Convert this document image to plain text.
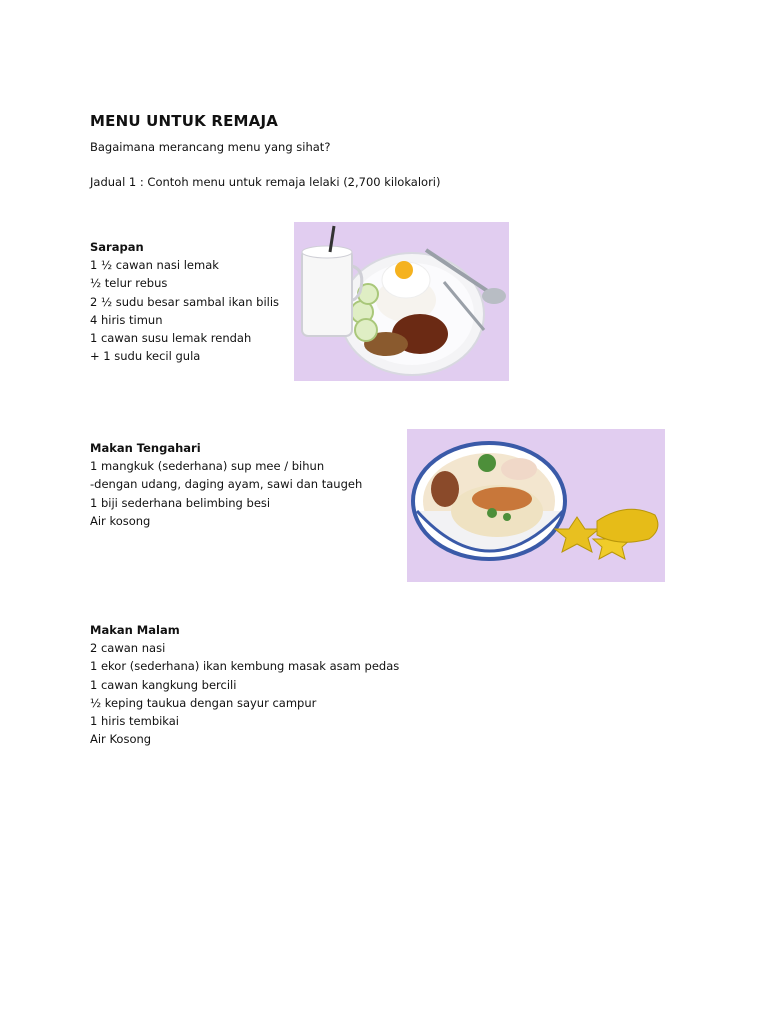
MENU UNTUK REMAJA
Bagaimana merancang menu yang sihat?
Jadual 1 : Contoh menu untuk remaja lelaki (2,700 kilokalori)
Sarapan
1 ½ cawan nasi lemak
½ telur rebus
2 ½ sudu besar sambal ikan bilis
4 hiris timun
1 cawan susu lemak rendah
+ 1 sudu kecil gula
Makan Tengahari
1 mangkuk (sederhana) sup mee / bihun
-dengan udang, daging ayam, sawi dan taugeh
1 biji sederhana belimbing besi
Air kosong
Makan Malam
2 cawan nasi
1 ekor (sederhana) ikan kembung masak asam pedas
1 cawan kangkung bercili
½ keping taukua dengan sayur campur
1 hiris tembikai
Air Kosong
